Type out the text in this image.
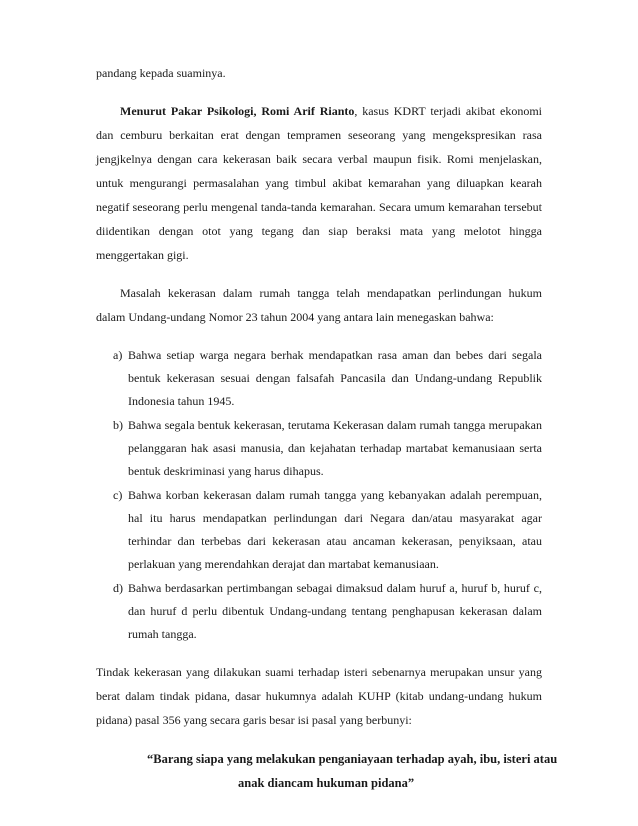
pandang kepada suaminya.
Menurut Pakar Psikologi, Romi Arif Rianto, kasus KDRT terjadi akibat ekonomi
dan cemburu berkaitan erat dengan tempramen seseorang yang mengekspresikan rasa
jengjkelnya dengan cara kekerasan baik secara verbal maupun fisik. Romi menjelaskan,
untuk mengurangi permasalahan yang timbul akibat kemarahan yang diluapkan kearah
negatif seseorang perlu mengenal tanda-tanda kemarahan. Secara umum kemarahan tersebut
diidentikan dengan otot yang tegang dan siap beraksi mata yang melotot hingga
menggertakan gigi.
Masalah kekerasan dalam rumah tangga telah mendapatkan perlindungan hukum
dalam Undang-undang Nomor 23 tahun 2004 yang antara lain menegaskan bahwa:
a) Bahwa setiap warga negara berhak mendapatkan rasa aman dan bebes dari segala
bentuk kekerasan sesuai dengan falsafah Pancasila dan Undang-undang Republik
Indonesia tahun 1945.
b) Bahwa segala bentuk kekerasan, terutama Kekerasan dalam rumah tangga merupakan
pelanggaran hak asasi manusia, dan kejahatan terhadap martabat kemanusiaan serta
bentuk deskriminasi yang harus dihapus.
c) Bahwa korban kekerasan dalam rumah tangga yang kebanyakan adalah perempuan,
hal itu harus mendapatkan perlindungan dari Negara dan/atau masyarakat agar
terhindar dan terbebas dari kekerasan atau ancaman kekerasan, penyiksaan, atau
perlakuan yang merendahkan derajat dan martabat kemanusiaan.
d) Bahwa berdasarkan pertimbangan sebagai dimaksud dalam huruf a, huruf b, huruf c,
dan huruf d perlu dibentuk Undang-undang tentang penghapusan kekerasan dalam
rumah tangga.
Tindak kekerasan yang dilakukan suami terhadap isteri sebenarnya merupakan unsur yang
berat dalam tindak pidana, dasar hukumnya adalah KUHP (kitab undang-undang hukum
pidana) pasal 356 yang secara garis besar isi pasal yang berbunyi:
“Barang siapa yang melakukan penganiayaan terhadap ayah, ibu, isteri atau
anak diancam hukuman pidana”
